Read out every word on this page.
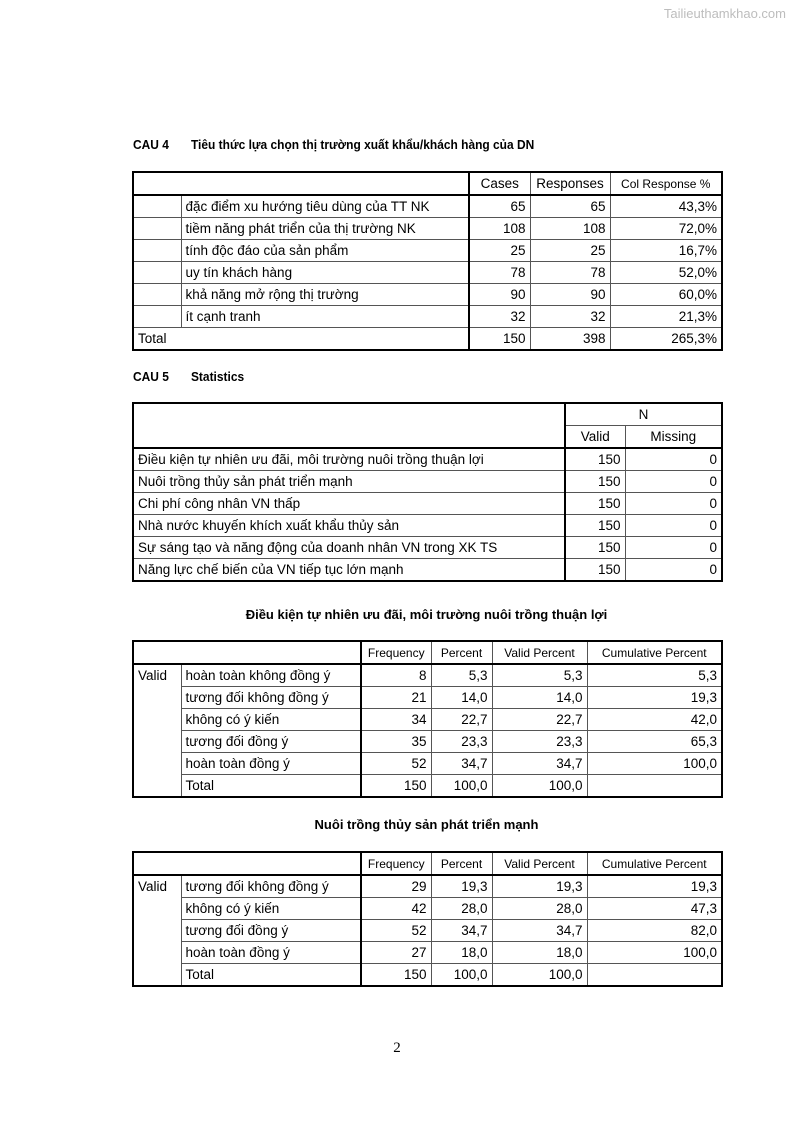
Tailieuthamkhao.com
CAU 4 Tiêu thức lựa chọn thị trường xuất khẩu/khách hàng của DN
		Cases	Responses	Col Response %
	đặc điểm xu hướng tiêu dùng của TT NK	65	65	43,3%
	tiềm năng phát triển của thị trường NK	108	108	72,0%
	tính độc đáo của sản phẩm	25	25	16,7%
	uy tín khách hàng	78	78	52,0%
	khả năng mở rộng thị trường	90	90	60,0%
	ít cạnh tranh	32	32	21,3%
Total		150	398	265,3%
CAU 5 Statistics
	N	
	Valid	Missing
Điều kiện tự nhiên ưu đãi, môi trường nuôi trồng thuận lợi	150	0
Nuôi trồng thủy sản phát triển mạnh	150	0
Chi phí công nhân VN thấp	150	0
Nhà nước khuyến khích xuất khẩu thủy sản	150	0
Sự sáng tạo và năng động của doanh nhân VN trong XK TS	150	0
Năng lực chế biến của VN tiếp tục lớn mạnh	150	0
Điều kiện tự nhiên ưu đãi, môi trường nuôi trồng thuận lợi
		Frequency	Percent	Valid Percent	Cumulative Percent
Valid	hoàn toàn không đồng ý	8	5,3	5,3	5,3
	tương đối không đồng ý	21	14,0	14,0	19,3
	không có ý kiến	34	22,7	22,7	42,0
	tương đối đồng ý	35	23,3	23,3	65,3
	hoàn toàn đồng ý	52	34,7	34,7	100,0
	Total	150	100,0	100,0	
Nuôi trồng thủy sản phát triển mạnh
		Frequency	Percent	Valid Percent	Cumulative Percent
Valid	tương đối không đồng ý	29	19,3	19,3	19,3
	không có ý kiến	42	28,0	28,0	47,3
	tương đối đồng ý	52	34,7	34,7	82,0
	hoàn toàn đồng ý	27	18,0	18,0	100,0
	Total	150	100,0	100,0	
2
